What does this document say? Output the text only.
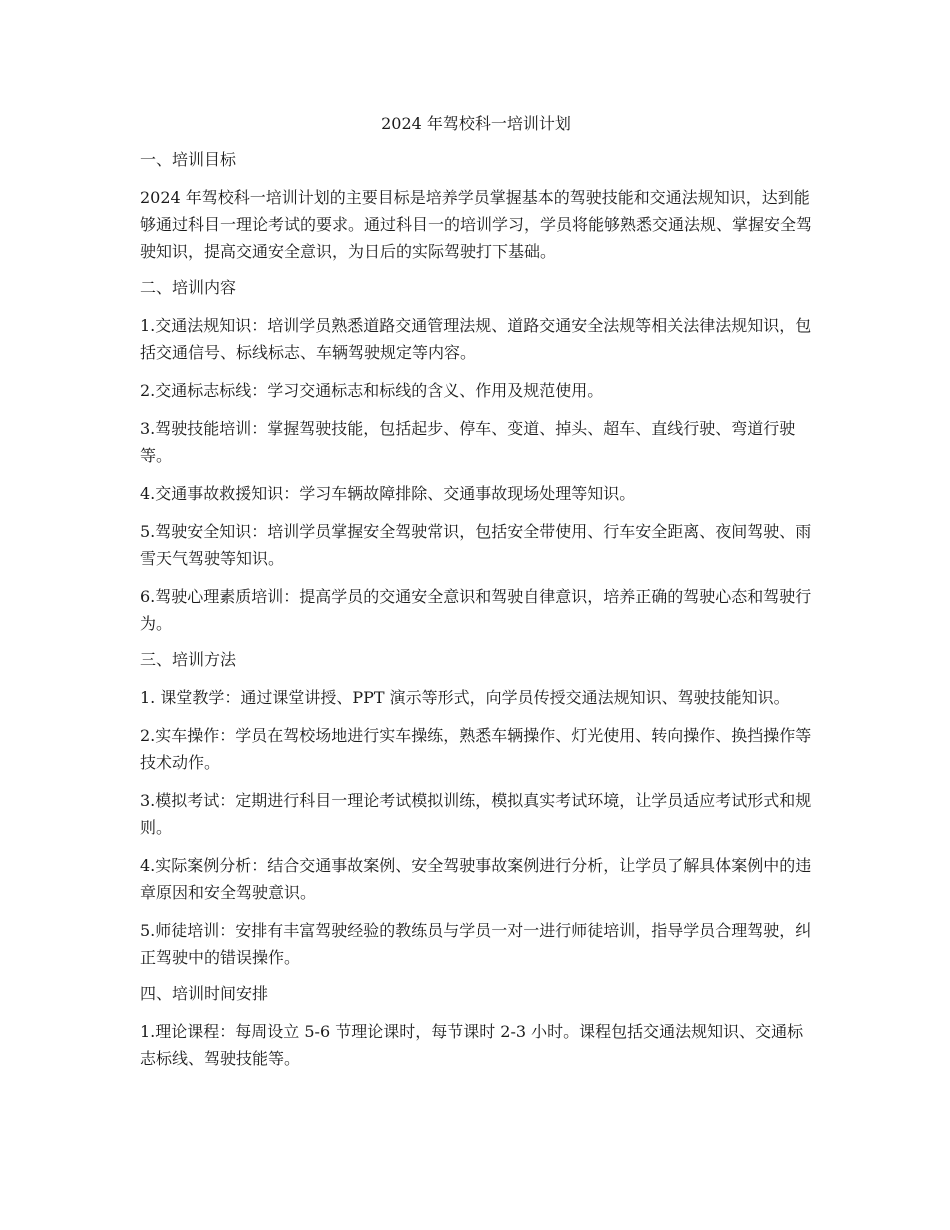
2024 年驾校科一培训计划
一、培训目标

2024 年驾校科一培训计划的主要目标是培养学员掌握基本的驾驶技能和交通法规知识，达到能够通过科目一理论考试的要求。通过科目一的培训学习，学员将能够熟悉交通法规、掌握安全驾驶知识，提高交通安全意识，为日后的实际驾驶打下基础。

二、培训内容

1.交通法规知识：培训学员熟悉道路交通管理法规、道路交通安全法规等相关法律法规知识，包括交通信号、标线标志、车辆驾驶规定等内容。

2.交通标志标线：学习交通标志和标线的含义、作用及规范使用。

3.驾驶技能培训：掌握驾驶技能，包括起步、停车、变道、掉头、超车、直线行驶、弯道行驶等。

4.交通事故救援知识：学习车辆故障排除、交通事故现场处理等知识。

5.驾驶安全知识：培训学员掌握安全驾驶常识，包括安全带使用、行车安全距离、夜间驾驶、雨雪天气驾驶等知识。

6.驾驶心理素质培训：提高学员的交通安全意识和驾驶自律意识，培养正确的驾驶心态和驾驶行为。

三、培训方法

1. 课堂教学：通过课堂讲授、PPT 演示等形式，向学员传授交通法规知识、驾驶技能知识。

2.实车操作：学员在驾校场地进行实车操练，熟悉车辆操作、灯光使用、转向操作、换挡操作等技术动作。

3.模拟考试：定期进行科目一理论考试模拟训练，模拟真实考试环境，让学员适应考试形式和规则。

4.实际案例分析：结合交通事故案例、安全驾驶事故案例进行分析，让学员了解具体案例中的违章原因和安全驾驶意识。

5.师徒培训：安排有丰富驾驶经验的教练员与学员一对一进行师徒培训，指导学员合理驾驶，纠正驾驶中的错误操作。

四、培训时间安排

1.理论课程：每周设立 5-6 节理论课时，每节课时 2-3 小时。课程包括交通法规知识、交通标志标线、驾驶技能等。
